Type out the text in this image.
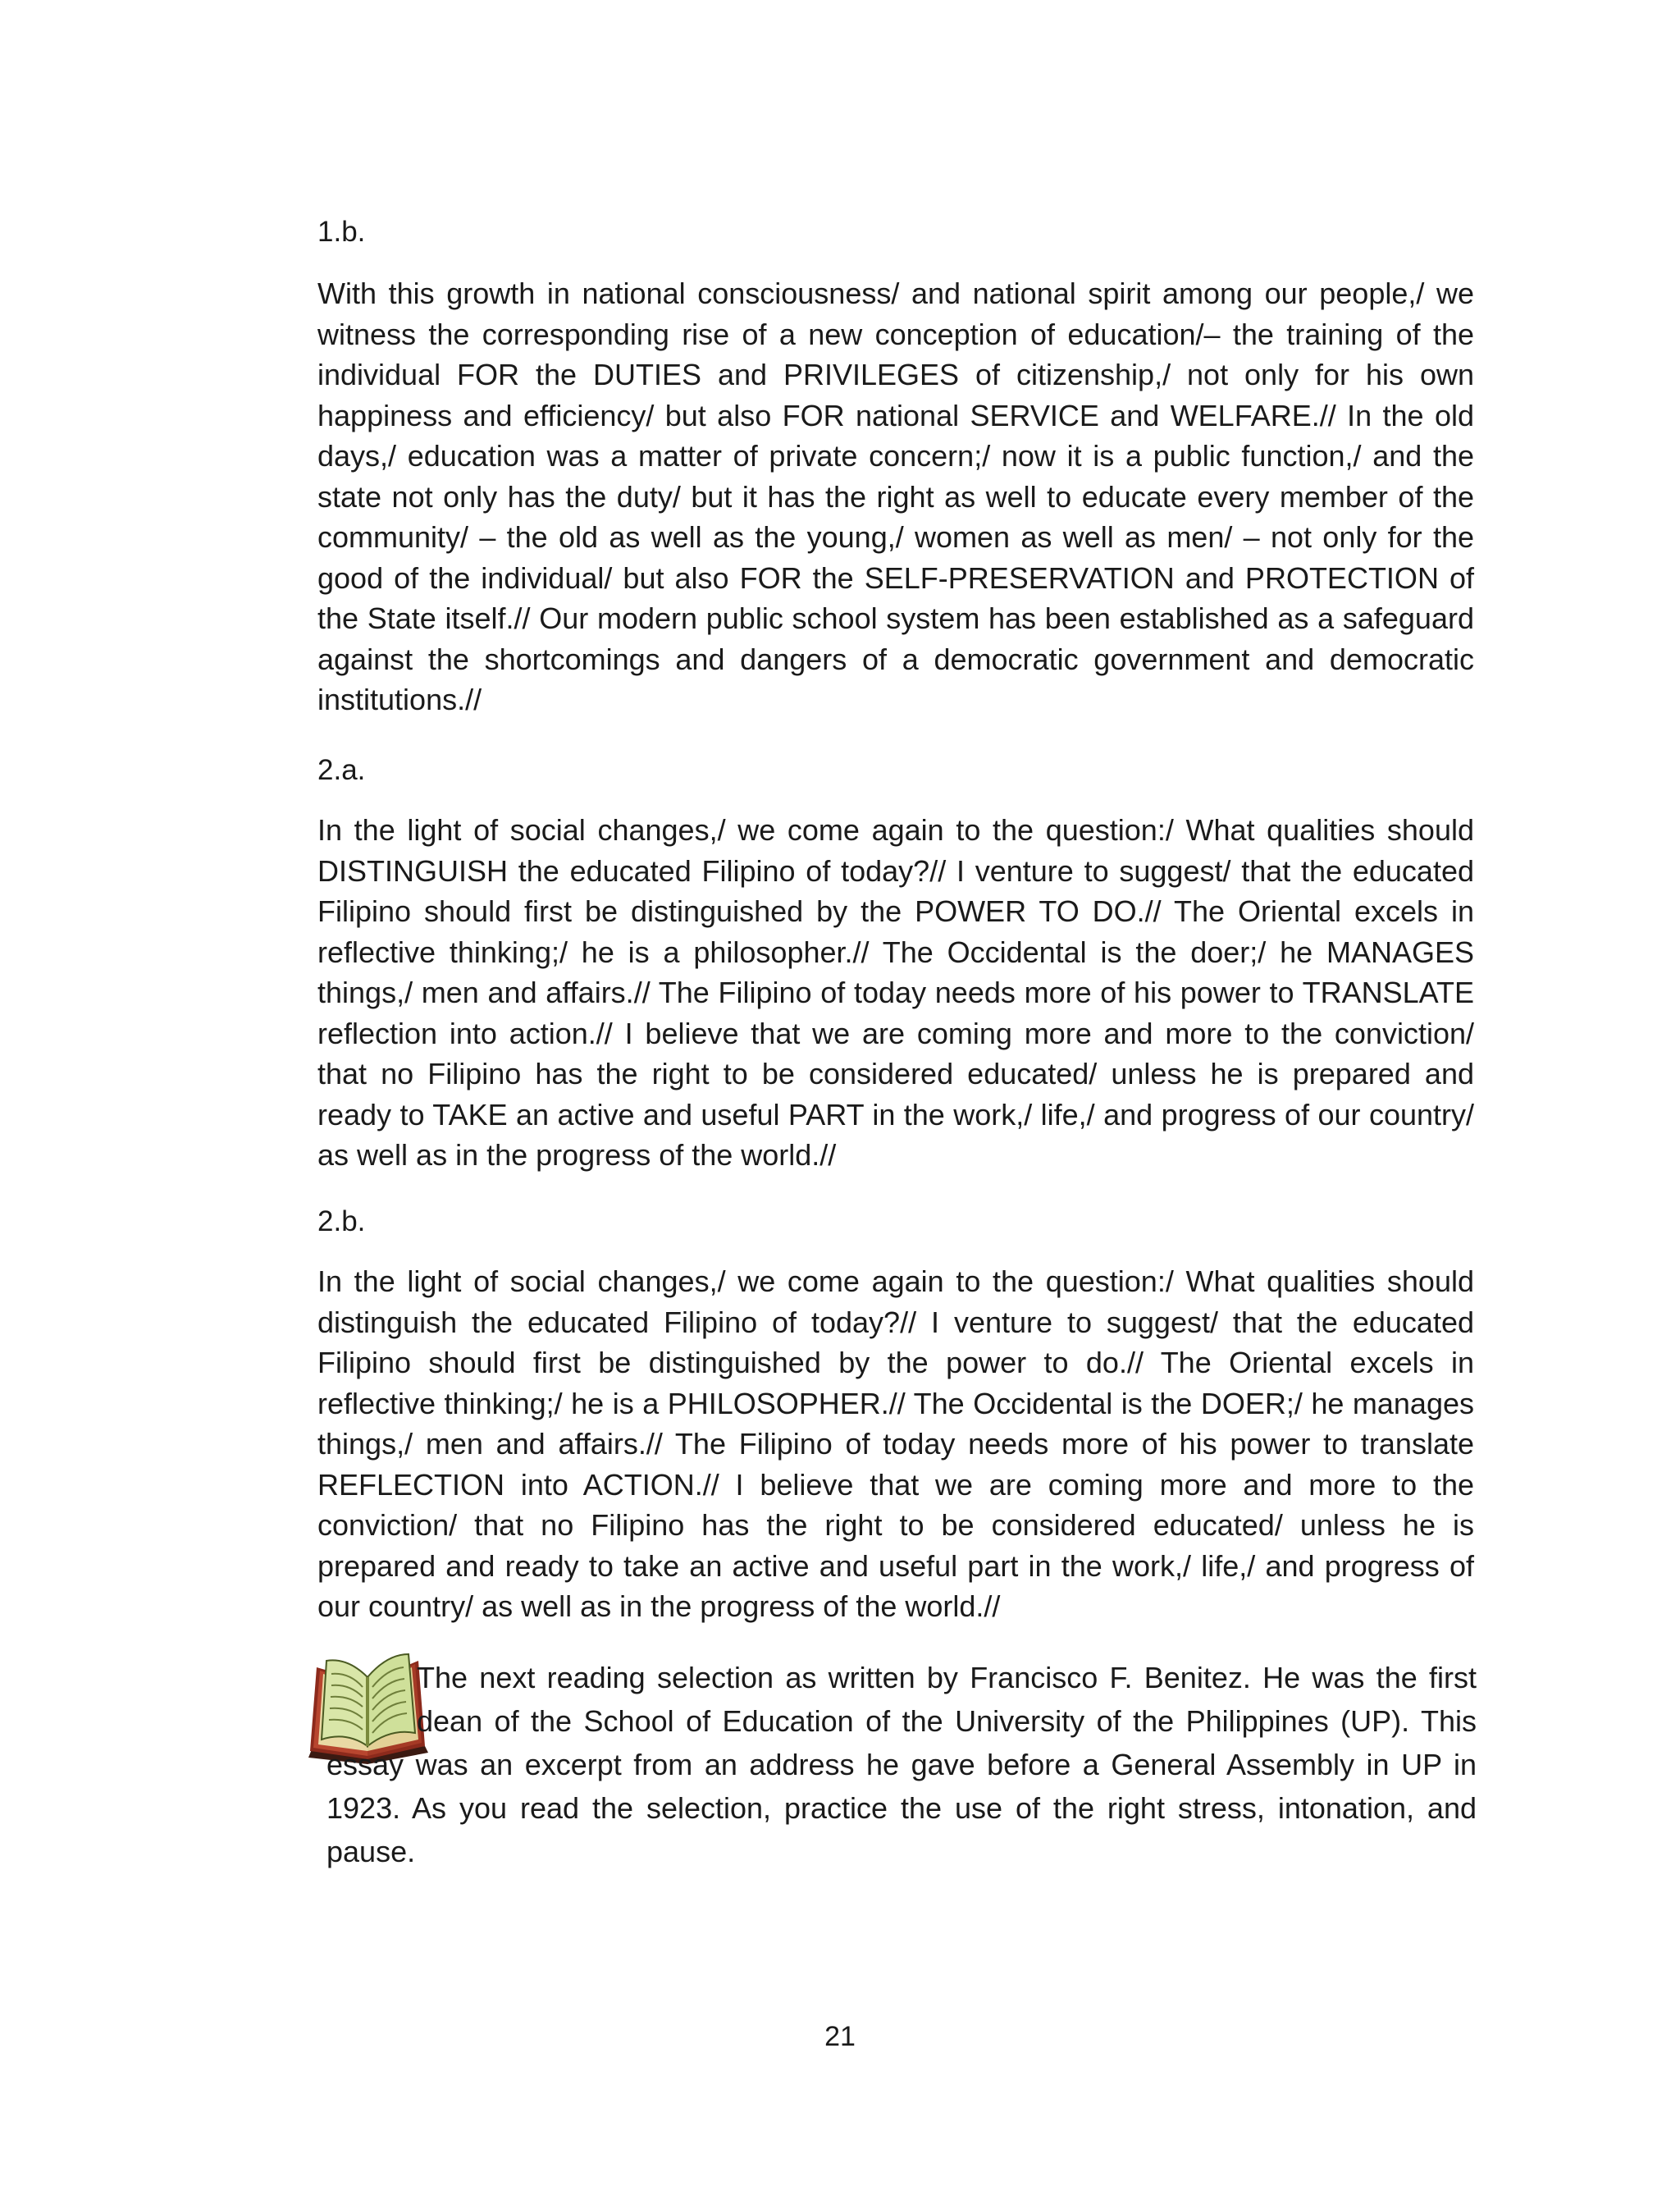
1.b.

With this growth in national consciousness/ and national spirit among our people,/ we witness the corresponding rise of a new conception of education/– the training of the individual FOR the DUTIES and PRIVILEGES of citizenship,/ not only for his own happiness and efficiency/ but also FOR national SERVICE and WELFARE.// In the old days,/ education was a matter of private concern;/ now it is a public function,/ and the state not only has the duty/ but it has the right as well to educate every member of the community/ – the old as well as the young,/ women as well as men/ – not only for the good of the individual/ but also FOR the SELF-PRESERVATION and PROTECTION of the State itself.// Our modern public school system has been established as a safeguard against the shortcomings and dangers of a democratic government and democratic institutions.//

2.a.

In the light of social changes,/ we come again to the question:/ What qualities should DISTINGUISH the educated Filipino of today?// I venture to suggest/ that the educated Filipino should first be distinguished by the POWER TO DO.// The Oriental excels in reflective thinking;/ he is a philosopher.// The Occidental is the doer;/ he MANAGES things,/ men and affairs.// The Filipino of today needs more of his power to TRANSLATE reflection into action.// I believe that we are coming more and more to the conviction/ that no Filipino has the right to be considered educated/ unless he is prepared and ready to TAKE an active and useful PART in the work,/ life,/ and progress of our country/ as well as in the progress of the world.//

2.b.

In the light of social changes,/ we come again to the question:/ What qualities should distinguish the educated Filipino of today?// I venture to suggest/ that the educated Filipino should first be distinguished by the power to do.// The Oriental excels in reflective thinking;/ he is a PHILOSOPHER.// The Occidental is the DOER;/ he manages things,/ men and affairs.// The Filipino of today needs more of his power to translate REFLECTION into ACTION.// I believe that we are coming more and more to the conviction/ that no Filipino has the right to be considered educated/ unless he is prepared and ready to take an active and useful part in the work,/ life,/ and progress of our country/ as well as in the progress of the world.//

The next reading selection as written by Francisco F. Benitez. He was the first dean of the School of Education of the University of the Philippines (UP). This essay was an excerpt from an address he gave before a General Assembly in UP in 1923. As you read the selection, practice the use of the right stress, intonation, and pause.
21
